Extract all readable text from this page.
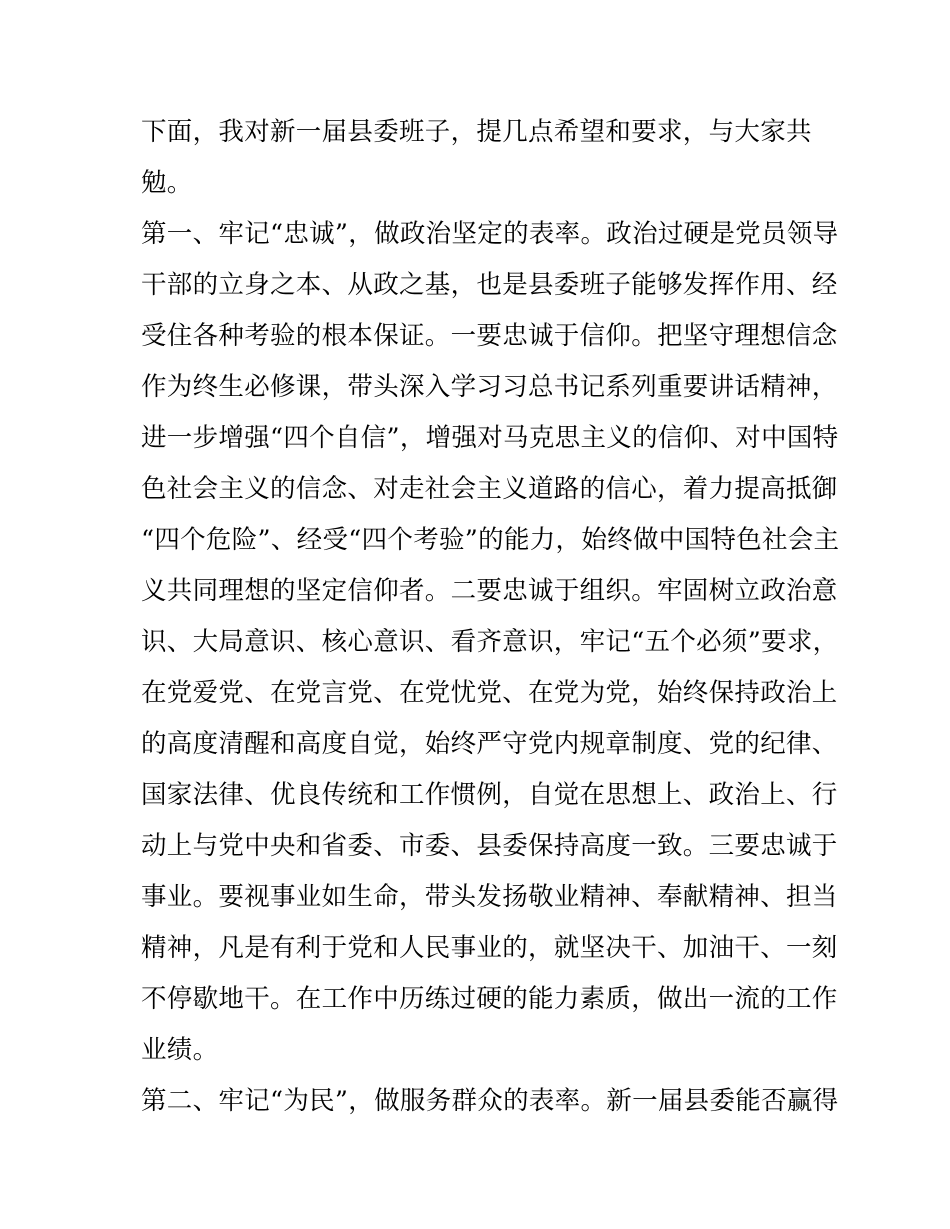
下面，我对新一届县委班子，提几点希望和要求，与大家共
勉。
第一、牢记“忠诚”，做政治坚定的表率。政治过硬是党员领导
干部的立身之本、从政之基，也是县委班子能够发挥作用、经
受住各种考验的根本保证。一要忠诚于信仰。把坚守理想信念
作为终生必修课，带头深入学习习总书记系列重要讲话精神，
进一步增强“四个自信”，增强对马克思主义的信仰、对中国特
色社会主义的信念、对走社会主义道路的信心，着力提高抵御
“四个危险”、经受“四个考验”的能力，始终做中国特色社会主
义共同理想的坚定信仰者。二要忠诚于组织。牢固树立政治意
识、大局意识、核心意识、看齐意识，牢记“五个必须”要求，
在党爱党、在党言党、在党忧党、在党为党，始终保持政治上
的高度清醒和高度自觉，始终严守党内规章制度、党的纪律、
国家法律、优良传统和工作惯例，自觉在思想上、政治上、行
动上与党中央和省委、市委、县委保持高度一致。三要忠诚于
事业。要视事业如生命，带头发扬敬业精神、奉献精神、担当
精神，凡是有利于党和人民事业的，就坚决干、加油干、一刻
不停歇地干。在工作中历练过硬的能力素质，做出一流的工作
业绩。
第二、牢记“为民”，做服务群众的表率。新一届县委能否赢得
